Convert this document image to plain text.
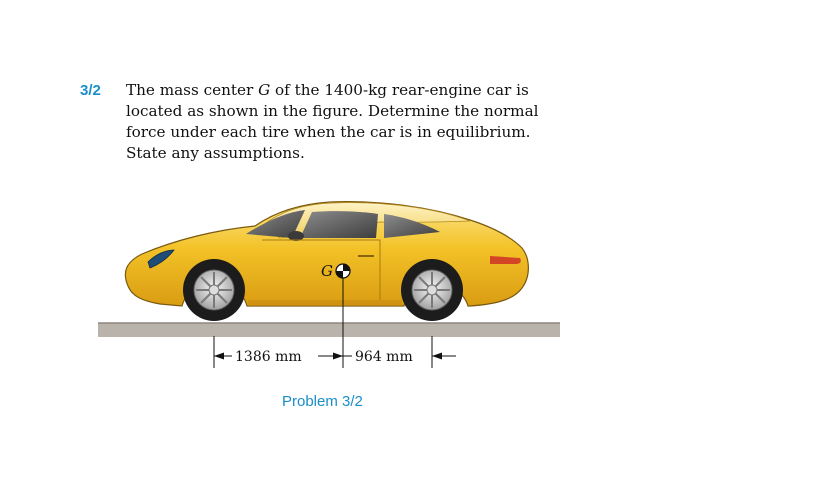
3/2 The mass center G of the 1400-kg rear-engine car is
located as shown in the figure. Determine the normal
force under each tire when the car is in equilibrium.
State any assumptions.
G
1386 mm	964 mm
Problem 3/2
